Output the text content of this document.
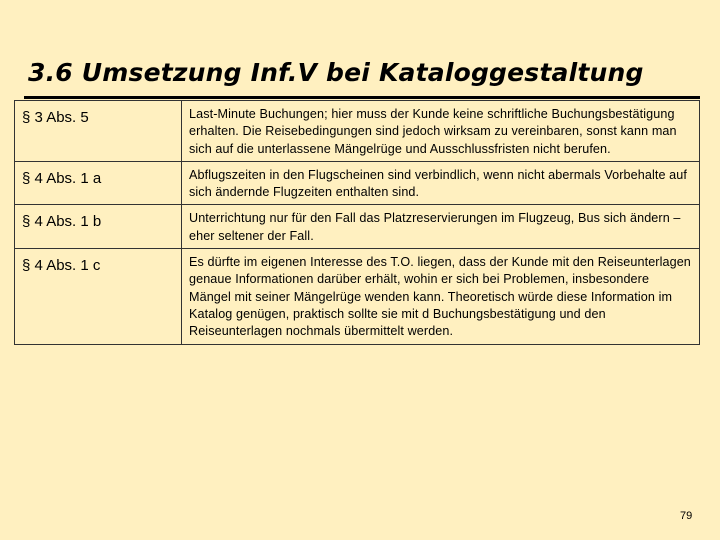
3.6 Umsetzung Inf.V bei Kataloggestaltung
§ 3 Abs. 5	Last-Minute Buchungen; hier muss der Kunde keine schriftliche Buchungsbestätigung erhalten. Die Reisebedingungen sind jedoch wirksam zu vereinbaren, sonst kann man sich auf die unterlassene Mängelrüge und Ausschlussfristen nicht berufen.
§ 4 Abs. 1 a	Abflugszeiten in den Flugscheinen sind verbindlich, wenn nicht abermals Vorbehalte auf sich ändernde Flugzeiten enthalten sind.
§ 4 Abs. 1 b	Unterrichtung nur für den Fall das Platzreservierungen im Flugzeug, Bus sich ändern – eher seltener der Fall.
§ 4 Abs. 1 c	Es dürfte im eigenen Interesse des T.O. liegen, dass der Kunde mit den Reiseunterlagen genaue Informationen darüber erhält, wohin er sich bei Problemen, insbesondere Mängel mit seiner Mängelrüge wenden kann. Theoretisch würde diese Information im Katalog genügen, praktisch sollte sie mit d Buchungsbestätigung und den Reiseunterlagen nochmals übermittelt werden.
79
